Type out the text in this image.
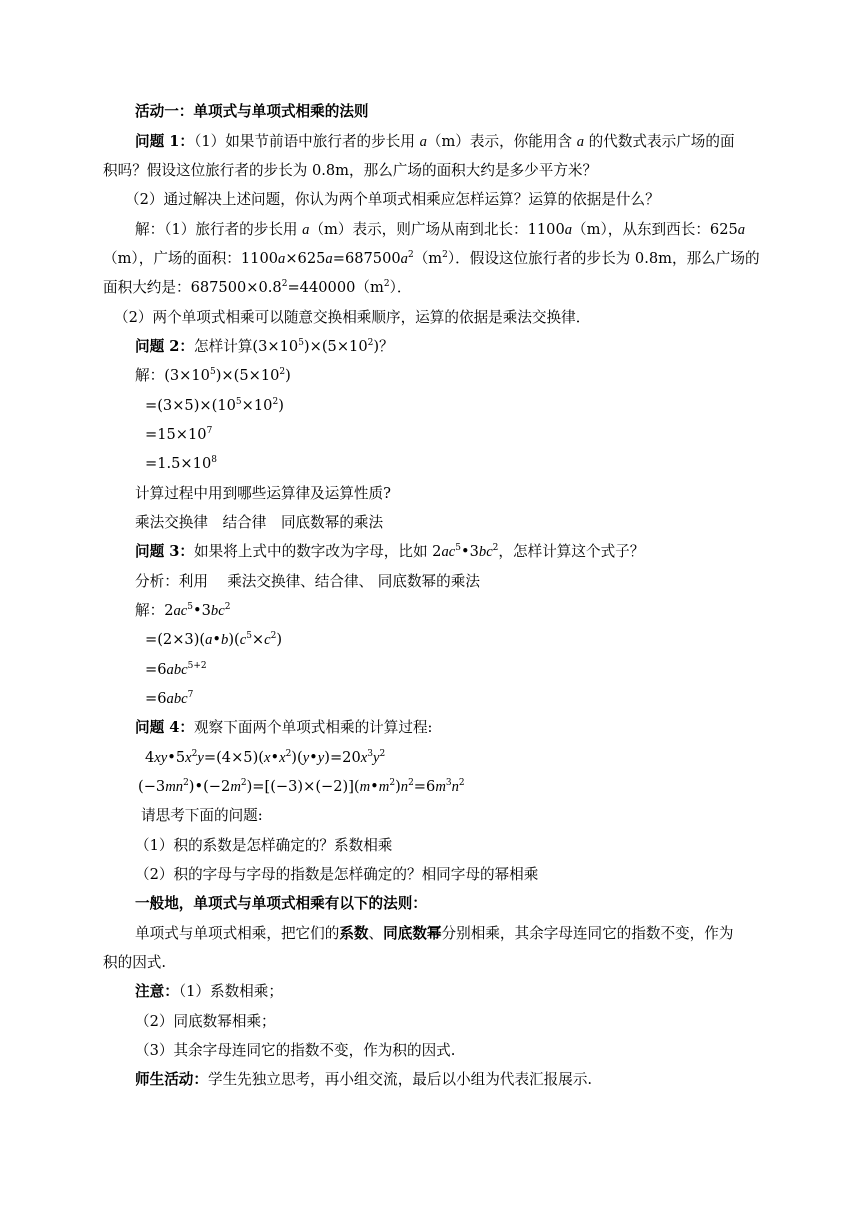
活动一：单项式与单项式相乘的法则
问题 1：（1）如果节前语中旅行者的步长用 a（m）表示，你能用含 a 的代数式表示广场的面
积吗？假设这位旅行者的步长为 0.8m，那么广场的面积大约是多少平方米？
（2）通过解决上述问题，你认为两个单项式相乘应怎样运算？运算的依据是什么？
解：（1）旅行者的步长用 a（m）表示，则广场从南到北长：1100a（m），从东到西长：625a
（m），广场的面积：$1100a\times 625a=687500a^2(m^2)$．假设这位旅行者的步长为 0.8m，那么广场的
面积大约是：$687500\times 0.8^2=440000(m^2)$．
（2）两个单项式相乘可以随意交换相乘顺序，运算的依据是乘法交换律．
问题 2：怎样计算$(3\times 10^5)\times(5\times 10^2)$？
解：$(3\times 10^5)\times(5\times 10^2)$
$=(3\times 5)\times(10^5\times 10^2)$
$=15\times 10^7$
$=1.5\times 10^8$
计算过程中用到哪些运算律及运算性质?
乘法交换律　结合律　同底数幂的乘法
问题 3：如果将上式中的数字改为字母，比如 $2ac^5•3bc^2$，怎样计算这个式子？
分析：利用　 乘法交换律、结合律、 同底数幂的乘法
解：$2ac^5•3bc^2$
$=(2\times 3)(a•b)(c^5\times c^2)$
=6abc$^{5+2}$
=6abc$^7$
问题 4：观察下面两个单项式相乘的计算过程:
$4xy•5x^2y=(4\times 5)(x•x^2)(y•y)=20x^3y^2$
$(-3mn^2)•(-2m^2)=[(-3)\times(-2)](m•m^2)n^2=6m^3n^2$
请思考下面的问题:
（1）积的系数是怎样确定的？系数相乘
（2）积的字母与字母的指数是怎样确定的？相同字母的幂相乘
一般地，单项式与单项式相乘有以下的法则：
单项式与单项式相乘，把它们的系数、同底数幂分别相乘，其余字母连同它的指数不变，作为
积的因式.
注意：（1）系数相乘；
（2）同底数幂相乘；
（3）其余字母连同它的指数不变，作为积的因式.
师生活动：学生先独立思考，再小组交流，最后以小组为代表汇报展示.
